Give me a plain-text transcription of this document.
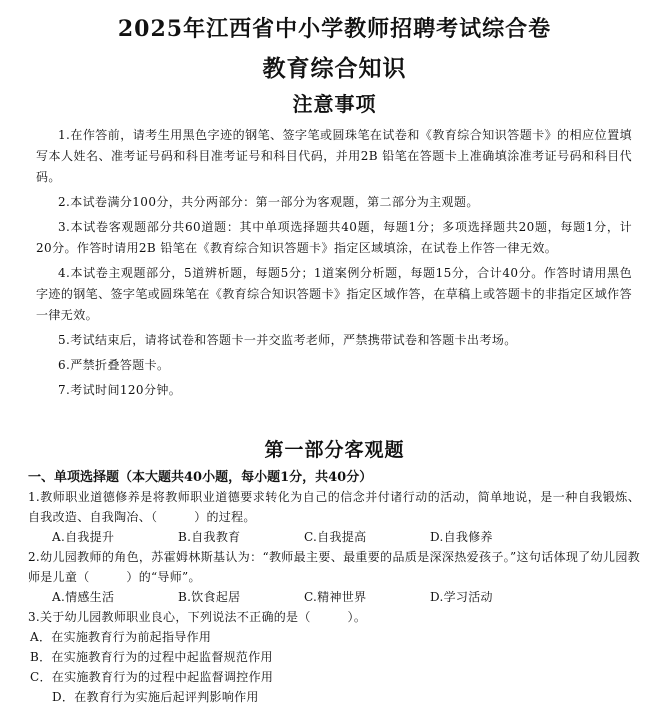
2025年江西省中小学教师招聘考试综合卷
教育综合知识
注意事项

1.在作答前，请考生用黑色字迹的钢笔、签字笔或圆珠笔在试卷和《教育综合知识答题卡》的相应位置填写本人姓名、准考证号码和科目准考证号和科目代码，并用2B 铅笔在答题卡上准确填涂准考证号码和科目代码。

2.本试卷满分100分，共分两部分：第一部分为客观题，第二部分为主观题。

3.本试卷客观题部分共60道题：其中单项选择题共40题，每题1分；多项选择题共20题，每题1分，计20分。作答时请用2B 铅笔在《教育综合知识答题卡》指定区域填涂，在试卷上作答一律无效。

4.本试卷主观题部分，5道辨析题，每题5分；1道案例分析题，每题15分，合计40分。作答时请用黑色字迹的钢笔、签字笔或圆珠笔在《教育综合知识答题卡》指定区域作答，在草稿上或答题卡的非指定区域作答一律无效。

5.考试结束后，请将试卷和答题卡一并交监考老师，严禁携带试卷和答题卡出考场。

6.严禁折叠答题卡。

7.考试时间120分钟。

第一部分客观题
一、单项选择题（本大题共40小题，每小题1分，共40分）

1.教师职业道德修养是将教师职业道德要求转化为自己的信念并付诸行动的活动，简单地说，是一种自我锻炼、自我改造、自我陶冶、（　　　）的过程。

A.自我提升	B.自我教育	C.自我提高	D.自我修养

2.幼儿园教师的角色，苏霍姆林斯基认为：“教师最主要、最重要的品质是深深热爱孩子。”这句话体现了幼儿园教师是儿童（　　　）的“导师”。

A.情感生活	B.饮食起居	C.精神世界	D.学习活动

3.关于幼儿园教师职业良心，下列说法不正确的是（　　　）。

A．在实施教育行为前起指导作用

B．在实施教育行为的过程中起监督规范作用

C．在实施教育行为的过程中起监督调控作用

D．在教育行为实施后起评判影响作用
